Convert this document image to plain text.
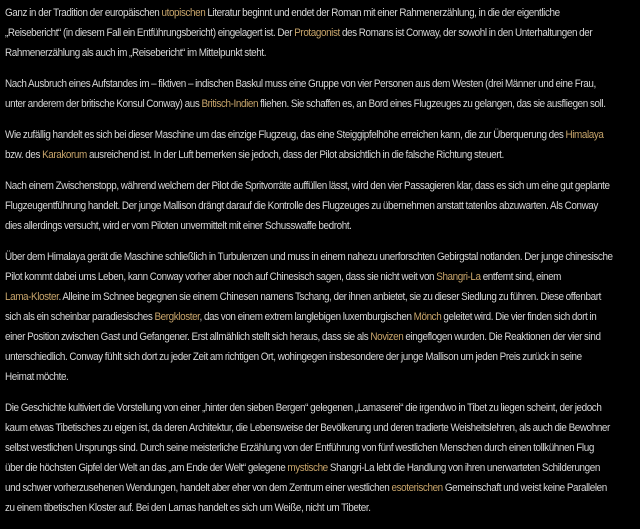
Ganz in der Tradition der europäischen utopischen Literatur beginnt und endet der Roman mit einer Rahmenerzählung, in die der eigentliche
„Reisebericht“ (in diesem Fall ein Entführungsbericht) eingelagert ist. Der Protagonist des Romans ist Conway, der sowohl in den Unterhaltungen der
Rahmenerzählung als auch im „Reisebericht“ im Mittelpunkt steht.

Nach Ausbruch eines Aufstandes im – fiktiven – indischen Baskul muss eine Gruppe von vier Personen aus dem Westen (drei Männer und eine Frau,
unter anderem der britische Konsul Conway) aus Britisch-Indien fliehen. Sie schaffen es, an Bord eines Flugzeuges zu gelangen, das sie ausfliegen soll.

Wie zufällig handelt es sich bei dieser Maschine um das einzige Flugzeug, das eine Steiggipfelhöhe erreichen kann, die zur Überquerung des Himalaya
bzw. des Karakorum ausreichend ist. In der Luft bemerken sie jedoch, dass der Pilot absichtlich in die falsche Richtung steuert.

Nach einem Zwischenstopp, während welchem der Pilot die Spritvorräte auffüllen lässt, wird den vier Passagieren klar, dass es sich um eine gut geplante
Flugzeugentführung handelt. Der junge Mallison drängt darauf die Kontrolle des Flugzeuges zu übernehmen anstatt tatenlos abzuwarten. Als Conway
dies allerdings versucht, wird er vom Piloten unvermittelt mit einer Schusswaffe bedroht.

Über dem Himalaya gerät die Maschine schließlich in Turbulenzen und muss in einem nahezu unerforschten Gebirgstal notlanden. Der junge chinesische
Pilot kommt dabei ums Leben, kann Conway vorher aber noch auf Chinesisch sagen, dass sie nicht weit von Shangri-La entfernt sind, einem
Lama-Kloster. Alleine im Schnee begegnen sie einem Chinesen namens Tschang, der ihnen anbietet, sie zu dieser Siedlung zu führen. Diese offenbart
sich als ein scheinbar paradiesisches Bergkloster, das von einem extrem langlebigen luxemburgischen Mönch geleitet wird. Die vier finden sich dort in
einer Position zwischen Gast und Gefangener. Erst allmählich stellt sich heraus, dass sie als Novizen eingeflogen wurden. Die Reaktionen der vier sind
unterschiedlich. Conway fühlt sich dort zu jeder Zeit am richtigen Ort, wohingegen insbesondere der junge Mallison um jeden Preis zurück in seine
Heimat möchte.

Die Geschichte kultiviert die Vorstellung von einer „hinter den sieben Bergen“ gelegenen „Lamaserei“ die irgendwo in Tibet zu liegen scheint, der jedoch
kaum etwas Tibetisches zu eigen ist, da deren Architektur, die Lebensweise der Bevölkerung und deren tradierte Weisheitslehren, als auch die Bewohner
selbst westlichen Ursprungs sind. Durch seine meisterliche Erzählung von der Entführung von fünf westlichen Menschen durch einen tollkühnen Flug
über die höchsten Gipfel der Welt an das „am Ende der Welt“ gelegene mystische Shangri-La lebt die Handlung von ihren unerwarteten Schilderungen
und schwer vorherzusehenen Wendungen, handelt aber eher von dem Zentrum einer westlichen esoterischen Gemeinschaft und weist keine Parallelen
zu einem tibetischen Kloster auf. Bei den Lamas handelt es sich um Weiße, nicht um Tibeter.
